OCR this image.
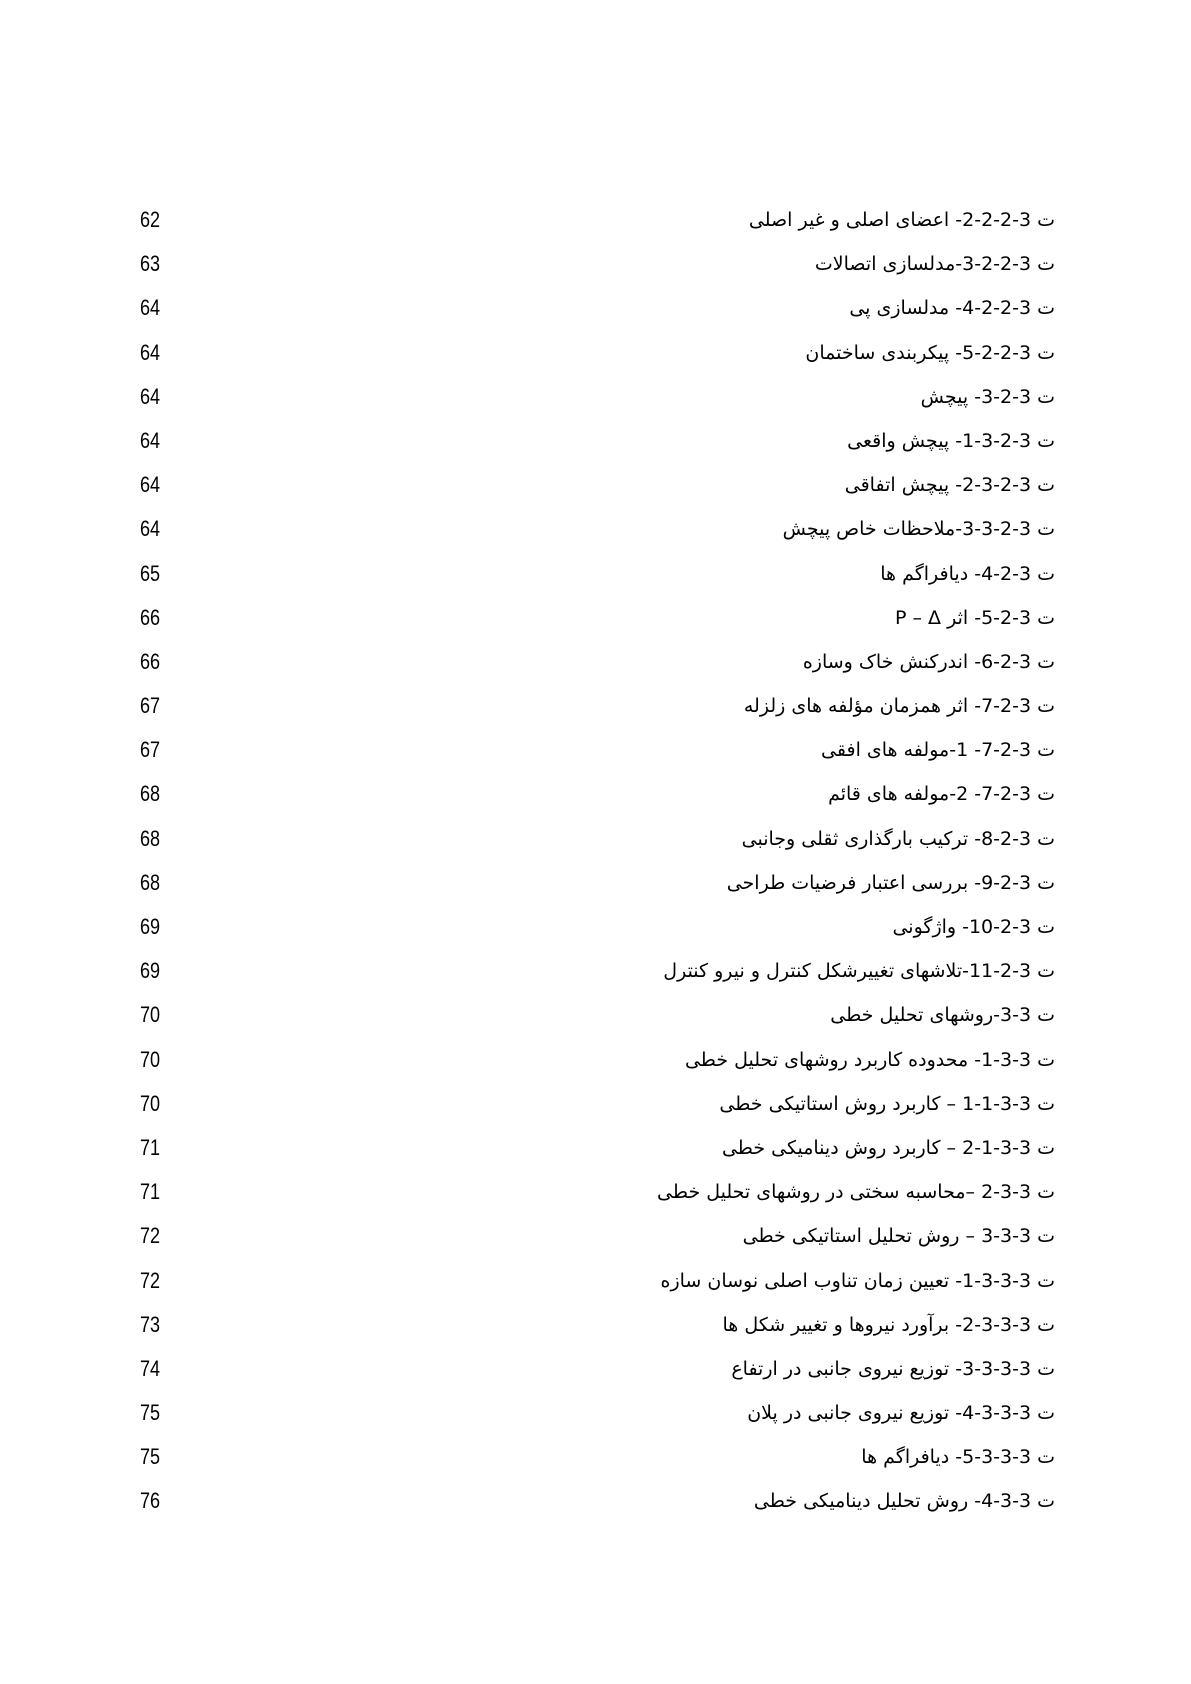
ت 3-2-2-2- اعضای اصلی و غیر اصلی
62
ت 3-2-2-3-مدلسازی اتصالات
63
ت 3-2-2-4- مدلسازی پی
64
ت 3-2-2-5- پیکربندی ساختمان
64
ت 3-2-3- پیچش
64
ت 3-2-3-1- پیچش واقعی
64
ت 3-2-3-2- پیچش اتفاقی
64
ت 3-2-3-3-ملاحظات خاص پیچش
64
ت 3-2-4- دیافراگم ها
65
ت 3-2-5- اثر P – Δ
66
ت 3-2-6- اندرکنش خاک وسازه
66
ت 3-2-7- اثر همزمان مؤلفه های زلزله
67
ت 3-2-7- 1-مولفه های افقی
67
ت 3-2-7- 2-مولفه های قائم
68
ت 3-2-8- ترکیب بارگذاری ثقلی وجانبی
68
ت 3-2-9- بررسی اعتبار فرضیات طراحی
68
ت 3-2-10- واژگونی
69
ت 3-2-11-تلاشهای تغییرشکل کنترل و نیرو کنترل
69
ت 3-3-روشهای تحلیل خطی
70
ت 3-3-1- محدوده کاربرد روشهای تحلیل خطی
70
ت 3-3-1-1 – کاربرد روش استاتیکی خطی
70
ت 3-3-1-2 – کاربرد روش دینامیکی خطی
71
ت 3-3-2 –محاسبه سختی در روشهای تحلیل خطی
71
ت 3-3-3 – روش تحلیل استاتیکی خطی
72
ت 3-3-3-1- تعیین زمان تناوب اصلی نوسان سازه
72
ت 3-3-3-2- برآورد نیروها و تغییر شکل ها
73
ت 3-3-3-3- توزیع نیروی جانبی در ارتفاع
74
ت 3-3-3-4- توزیع نیروی جانبی در پلان
75
ت 3-3-3-5- دیافراگم ها
75
ت 3-3-4- روش تحلیل دینامیکی خطی
76
